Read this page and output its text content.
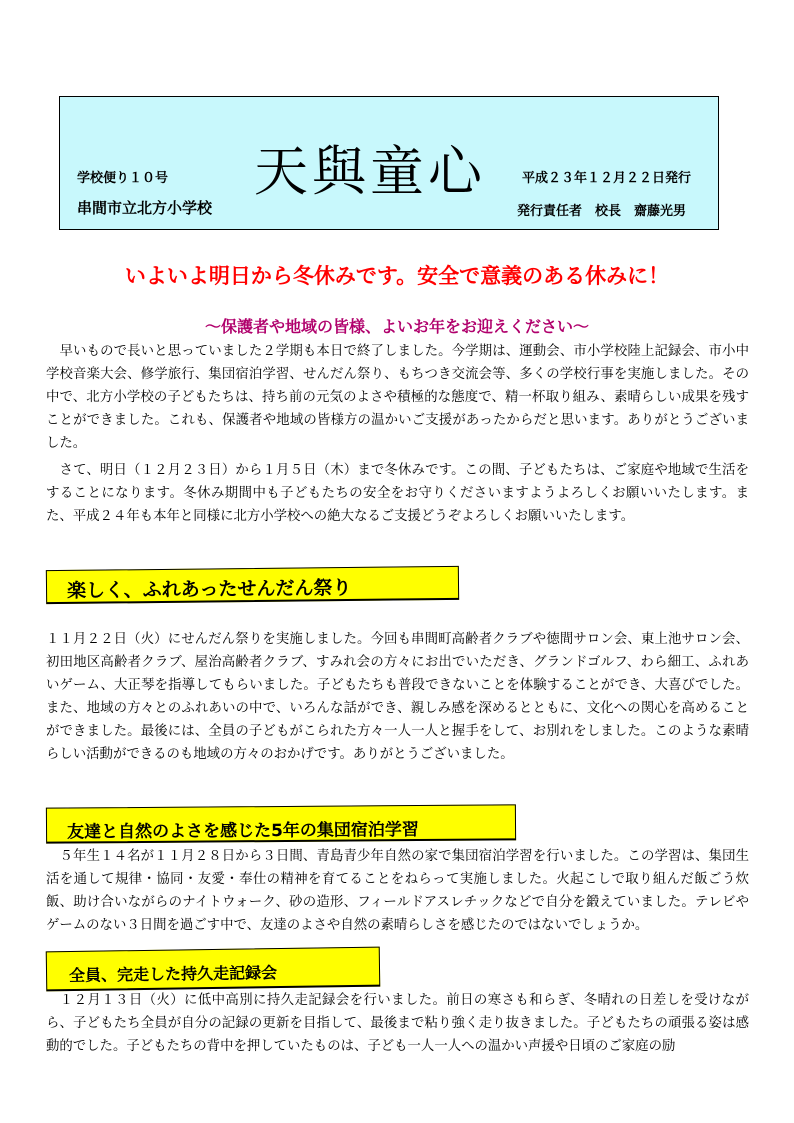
学校便り１０号
串間市立北方小学校
天與童心	平成２３年１２月２２日発行
発行責任者　校長　齋藤光男
いよいよ明日から冬休みです。安全で意義のある休みに！
～保護者や地域の皆様、よいお年をお迎えください～

　早いもので長いと思っていました２学期も本日で終了しました。今学期は、運動会、市小学校陸上記録会、市小中学校音楽大会、修学旅行、集団宿泊学習、せんだん祭り、もちつき交流会等、多くの学校行事を実施しました。その中で、北方小学校の子どもたちは、持ち前の元気のよさや積極的な態度で、精一杯取り組み、素晴らしい成果を残すことができました。これも、保護者や地域の皆様方の温かいご支援があったからだと思います。ありがとうございました。

　さて、明日（１２月２３日）から１月５日（木）まで冬休みです。この間、子どもたちは、ご家庭や地域で生活をすることになります。冬休み期間中も子どもたちの安全をお守りくださいますようよろしくお願いいたします。また、平成２４年も本年と同様に北方小学校への絶大なるご支援どうぞよろしくお願いいたします。

楽しく、ふれあったせんだん祭り

１１月２２日（火）にせんだん祭りを実施しました。今回も串間町高齢者クラブや徳間サロン会、東上池サロン会、初田地区高齢者クラブ、屋治高齢者クラブ、すみれ会の方々にお出でいただき、グランドゴルフ、わら細工、ふれあいゲーム、大正琴を指導してもらいました。子どもたちも普段できないことを体験することができ、大喜びでした。また、地域の方々とのふれあいの中で、いろんな話ができ、親しみ感を深めるとともに、文化への関心を高めることができました。最後には、全員の子どもがこられた方々一人一人と握手をして、お別れをしました。このような素晴らしい活動ができるのも地域の方々のおかげです。ありがとうございました。

友達と自然のよさを感じた5年の集団宿泊学習

　５年生１４名が１１月２８日から３日間、青島青少年自然の家で集団宿泊学習を行いました。この学習は、集団生活を通して規律・協同・友愛・奉仕の精神を育てることをねらって実施しました。火起こしで取り組んだ飯ごう炊飯、助け合いながらのナイトウォーク、砂の造形、フィールドアスレチックなどで自分を鍛えていました。テレビやゲームのない３日間を過ごす中で、友達のよさや自然の素晴らしさを感じたのではないでしょうか。

全員、完走した持久走記録会

　１２月１３日（火）に低中高別に持久走記録会を行いました。前日の寒さも和らぎ、冬晴れの日差しを受けながら、子どもたち全員が自分の記録の更新を目指して、最後まで粘り強く走り抜きました。子どもたちの頑張る姿は感動的でした。子どもたちの背中を押していたものは、子ども一人一人への温かい声援や日頃のご家庭の励
